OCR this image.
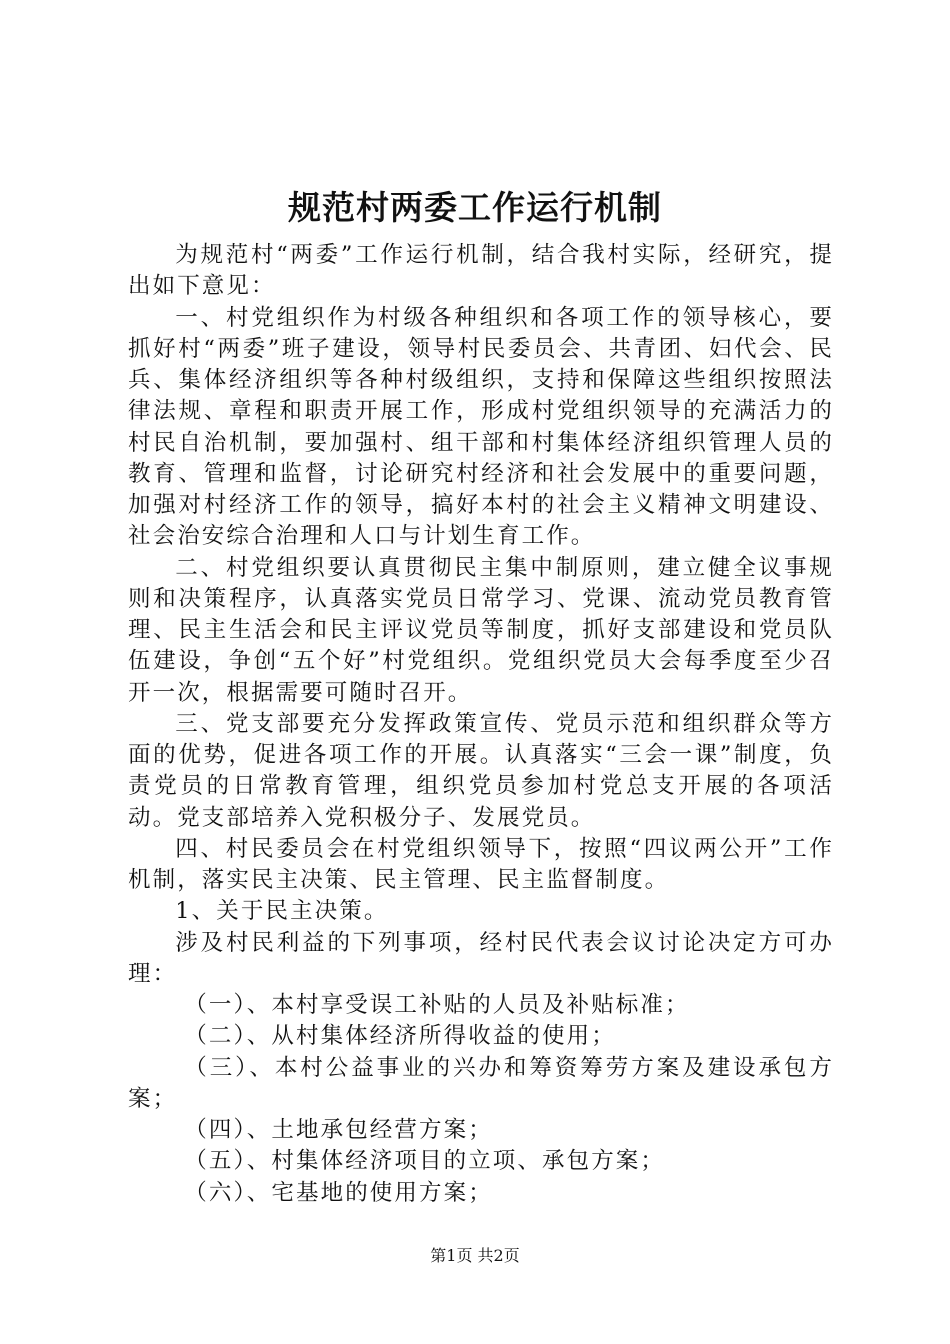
规范村两委工作运行机制

为规范村“两委”工作运行机制，结合我村实际，经研究，提出如下意见：

一、村党组织作为村级各种组织和各项工作的领导核心，要抓好村“两委”班子建设，领导村民委员会、共青团、妇代会、民兵、集体经济组织等各种村级组织，支持和保障这些组织按照法律法规、章程和职责开展工作，形成村党组织领导的充满活力的村民自治机制，要加强村、组干部和村集体经济组织管理人员的教育、管理和监督，讨论研究村经济和社会发展中的重要问题，加强对村经济工作的领导，搞好本村的社会主义精神文明建设、社会治安综合治理和人口与计划生育工作。

二、村党组织要认真贯彻民主集中制原则，建立健全议事规则和决策程序，认真落实党员日常学习、党课、流动党员教育管理、民主生活会和民主评议党员等制度，抓好支部建设和党员队伍建设，争创“五个好”村党组织。党组织党员大会每季度至少召开一次，根据需要可随时召开。

三、党支部要充分发挥政策宣传、党员示范和组织群众等方面的优势，促进各项工作的开展。认真落实“三会一课”制度，负责党员的日常教育管理，组织党员参加村党总支开展的各项活动。党支部培养入党积极分子、发展党员。

四、村民委员会在村党组织领导下，按照“四议两公开”工作机制，落实民主决策、民主管理、民主监督制度。

1、关于民主决策。

涉及村民利益的下列事项，经村民代表会议讨论决定方可办理：

（一）、本村享受误工补贴的人员及补贴标准；

（二）、从村集体经济所得收益的使用；

（三）、本村公益事业的兴办和筹资筹劳方案及建设承包方案；

（四）、土地承包经营方案；

（五）、村集体经济项目的立项、承包方案；

（六）、宅基地的使用方案；

第1页 共2页
